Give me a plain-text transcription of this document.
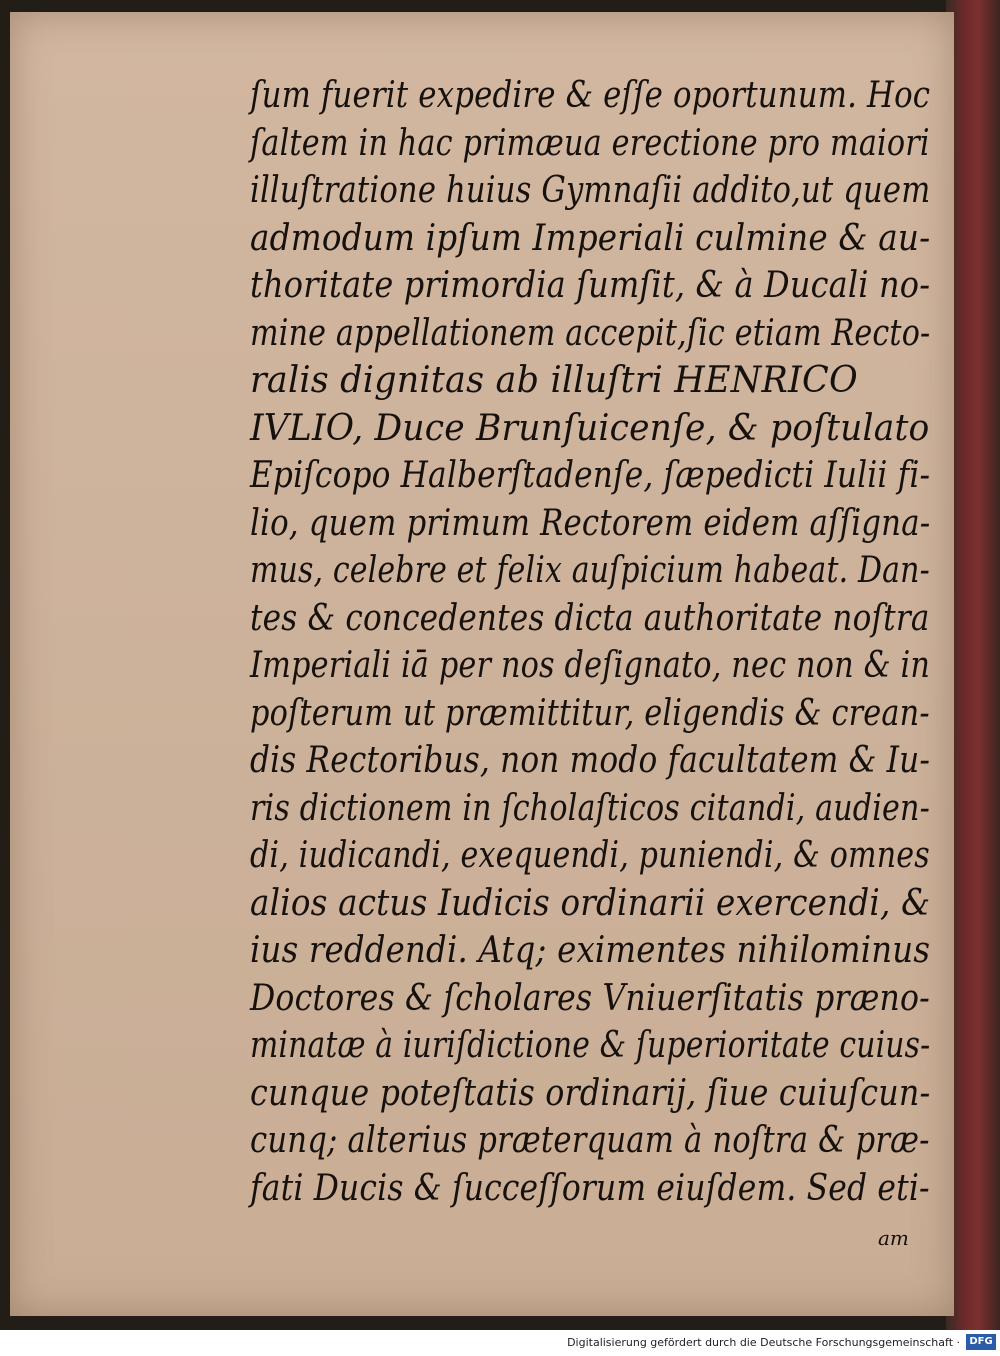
ſum fuerit expedire & eſſe oportunum. Hoc
ſaltem in hac primæua erectione pro maiori
illuſtratione huius Gymnaſii addito,ut quem
admodum ipſum Imperiali culmine & au-
thoritate primordia ſumſit, & à Ducali no-
mine appellationem accepit,ſic etiam Recto-
ralis dignitas ab illuſtri HENRICO
IVLIO, Duce Brunſuicenſe, & poſtulato
Epiſcopo Halberſtadenſe, ſæpedicti Iulii fi-
lio, quem primum Rectorem eidem aſſigna-
mus, celebre et felix auſpicium habeat. Dan-
tes & concedentes dicta authoritate noſtra
Imperiali iā per nos deſignato, nec non & in
poſterum ut præmittitur, eligendis & crean-
dis Rectoribus, non modo facultatem & Iu-
ris dictionem in ſcholaſticos citandi, audien-
di, iudicandi, exequendi, puniendi, & omnes
alios actus Iudicis ordinarii exercendi, &
ius reddendi. Atq; eximentes nihilominus
Doctores & ſcholares Vniuerſitatis præno-
minatæ à iuriſdictione & ſuperioritate cuius-
cunque poteſtatis ordinarij, ſiue cuiuſcun-
cunq; alterius præterquam à noſtra & præ-
fati Ducis & ſucceſſorum eiuſdem. Sed eti-
am
Digitalisierung gefördert durch die Deutsche Forschungsgemeinschaft · DFG
